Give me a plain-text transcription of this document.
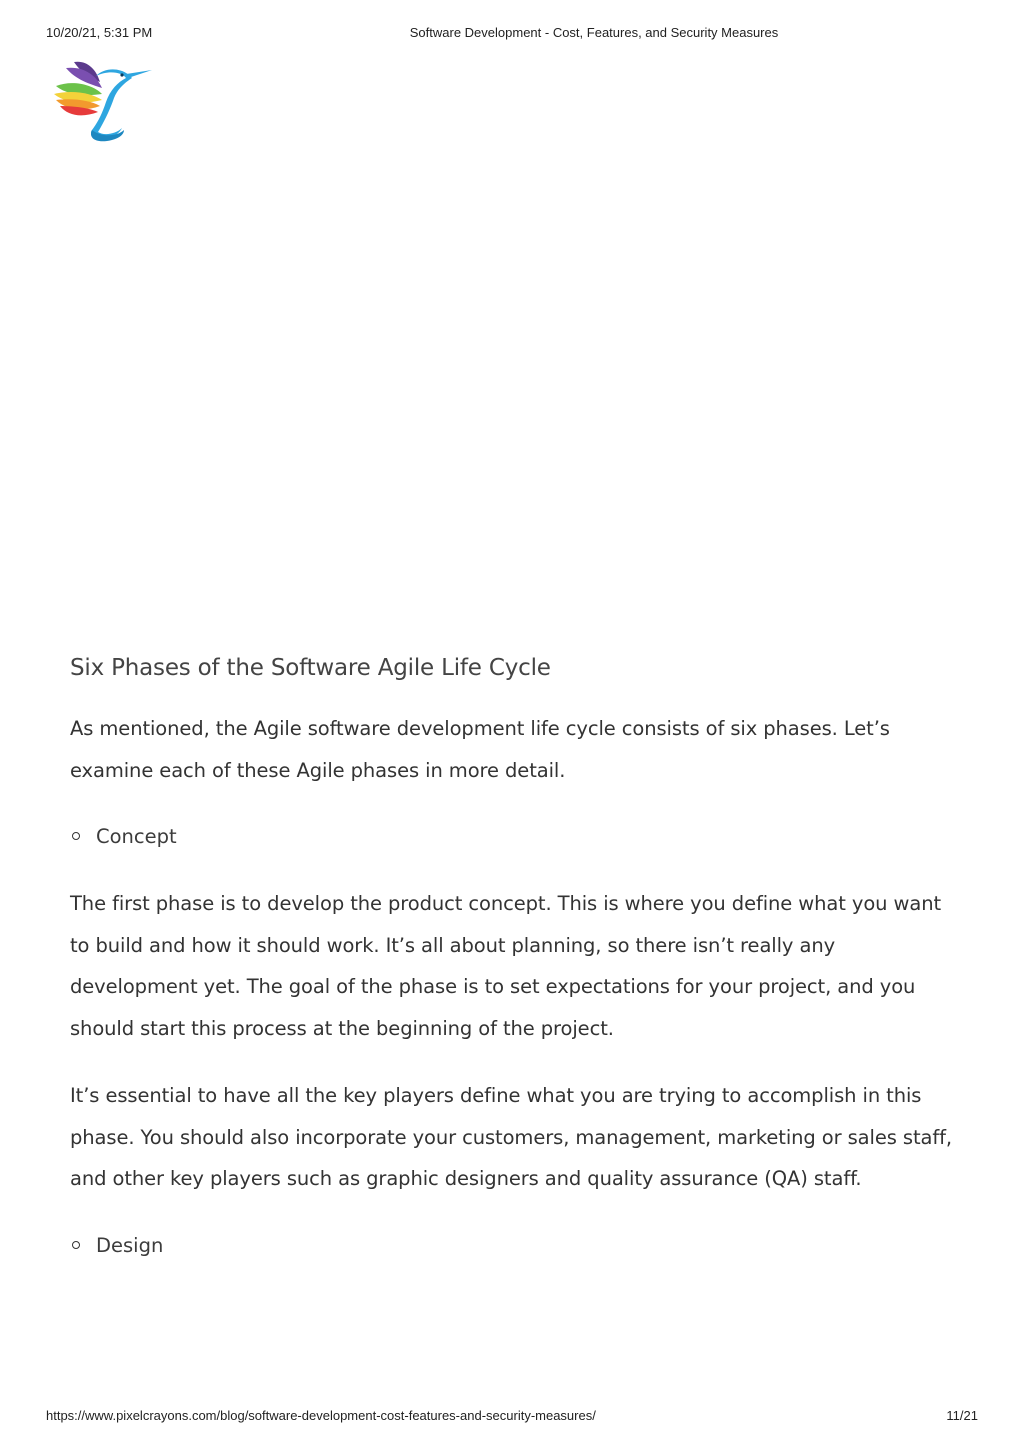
10/20/21, 5:31 PM	Software Development - Cost, Features, and Security Measures
Six Phases of the Software Agile Life Cycle

As mentioned, the Agile software development life cycle consists of six phases. Let’s examine each of these Agile phases in more detail.

Concept

The first phase is to develop the product concept. This is where you define what you want to build and how it should work. It’s all about planning, so there isn’t really any development yet. The goal of the phase is to set expectations for your project, and you should start this process at the beginning of the project.

It’s essential to have all the key players define what you are trying to accomplish in this phase. You should also incorporate your customers, management, marketing or sales staff, and other key players such as graphic designers and quality assurance (QA) staff.

Design
https://www.pixelcrayons.com/blog/software-development-cost-features-and-security-measures/	11/21
